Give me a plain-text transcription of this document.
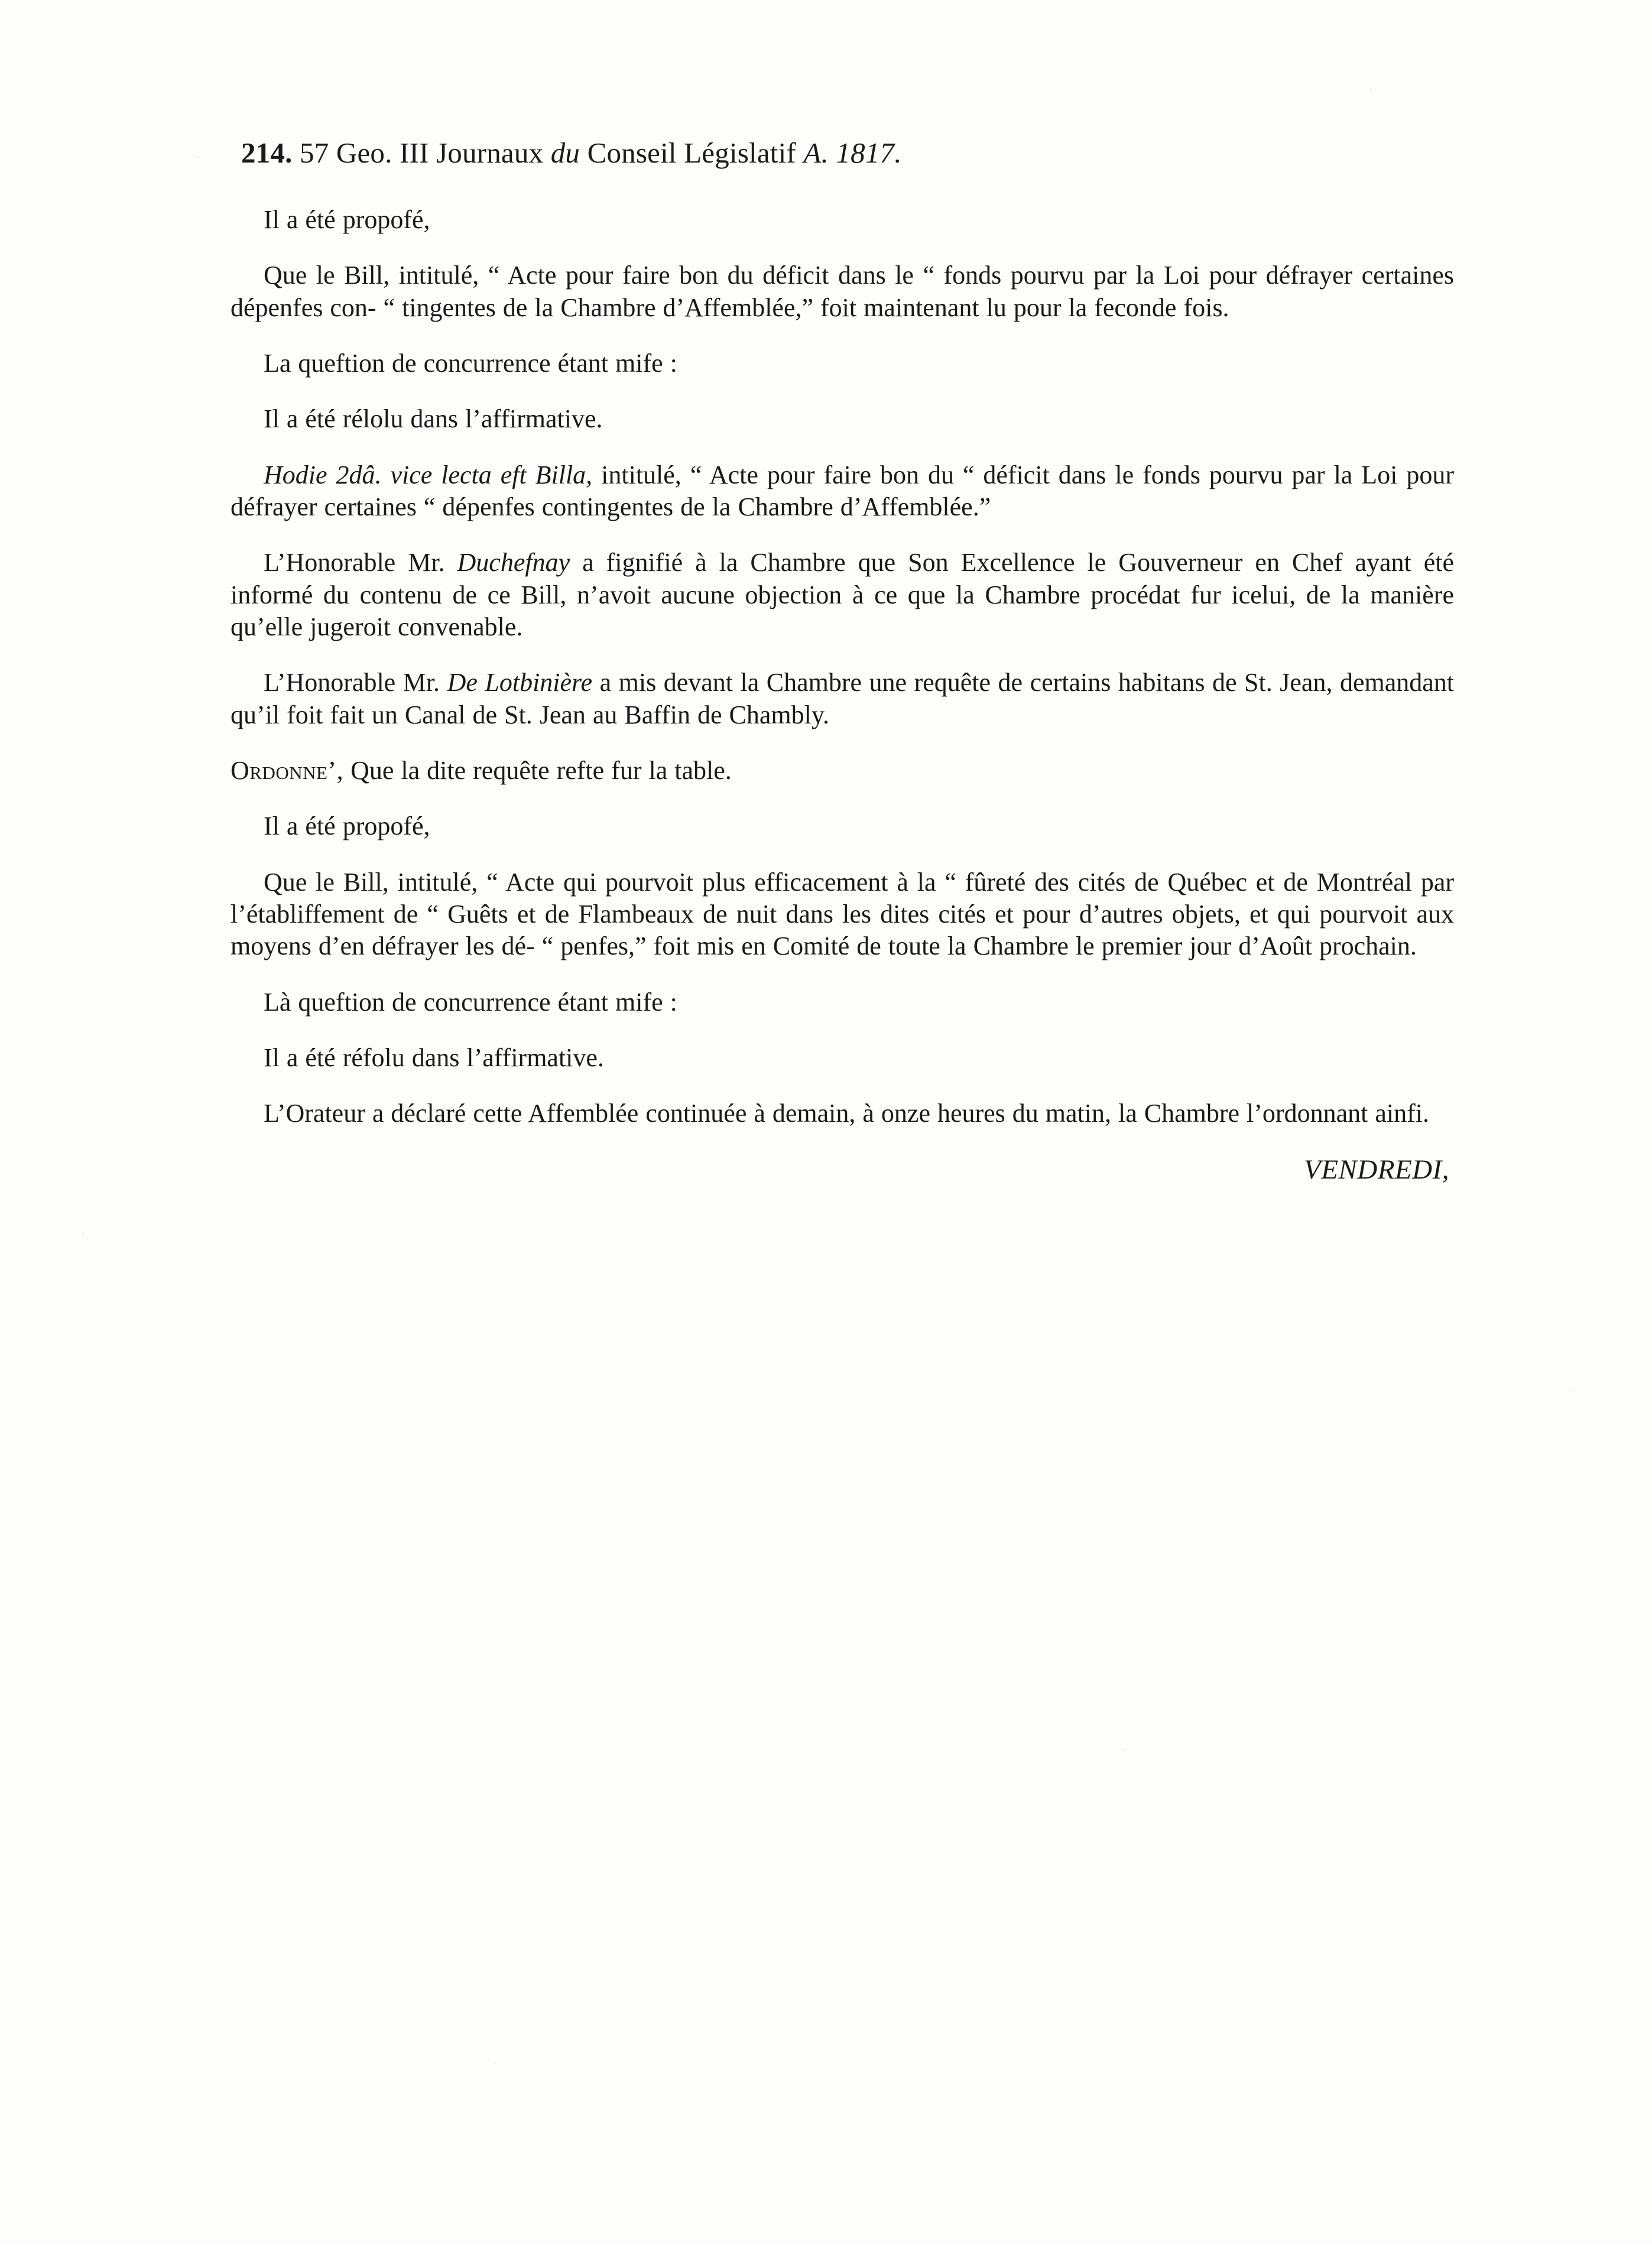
214. 57 Geo. III Journaux du Conseil Législatif A. 1817.

Il a été propofé,

Que le Bill, intitulé, “ Acte pour faire bon du déficit dans le “ fonds pourvu par la Loi pour défrayer certaines dépenfes con- “ tingentes de la Chambre d’Affemblée,” foit maintenant lu pour la feconde fois.

La queftion de concurrence étant mife :

Il a été rélolu dans l’affirmative.

Hodie 2dâ. vice lecta eft Billa, intitulé, “ Acte pour faire bon du “ déficit dans le fonds pourvu par la Loi pour défrayer certaines “ dépenfes contingentes de la Chambre d’Affemblée.”

L’Honorable Mr. Duchefnay a fignifié à la Chambre que Son Excellence le Gouverneur en Chef ayant été informé du contenu de ce Bill, n’avoit aucune objection à ce que la Chambre procédat fur icelui, de la manière qu’elle jugeroit convenable.

L’Honorable Mr. De Lotbinière a mis devant la Chambre une requête de certains habitans de St. Jean, demandant qu’il foit fait un Canal de St. Jean au Baffin de Chambly.

Ordonne’, Que la dite requête refte fur la table.

Il a été propofé,

Que le Bill, intitulé, “ Acte qui pourvoit plus efficacement à la “ fûreté des cités de Québec et de Montréal par l’établiffement de “ Guêts et de Flambeaux de nuit dans les dites cités et pour d’autres objets, et qui pourvoit aux moyens d’en défrayer les dé- “ penfes,” foit mis en Comité de toute la Chambre le premier jour d’Août prochain.

Là queftion de concurrence étant mife :

Il a été réfolu dans l’affirmative.

L’Orateur a déclaré cette Affemblée continuée à demain, à onze heures du matin, la Chambre l’ordonnant ainfi.

VENDREDI,
